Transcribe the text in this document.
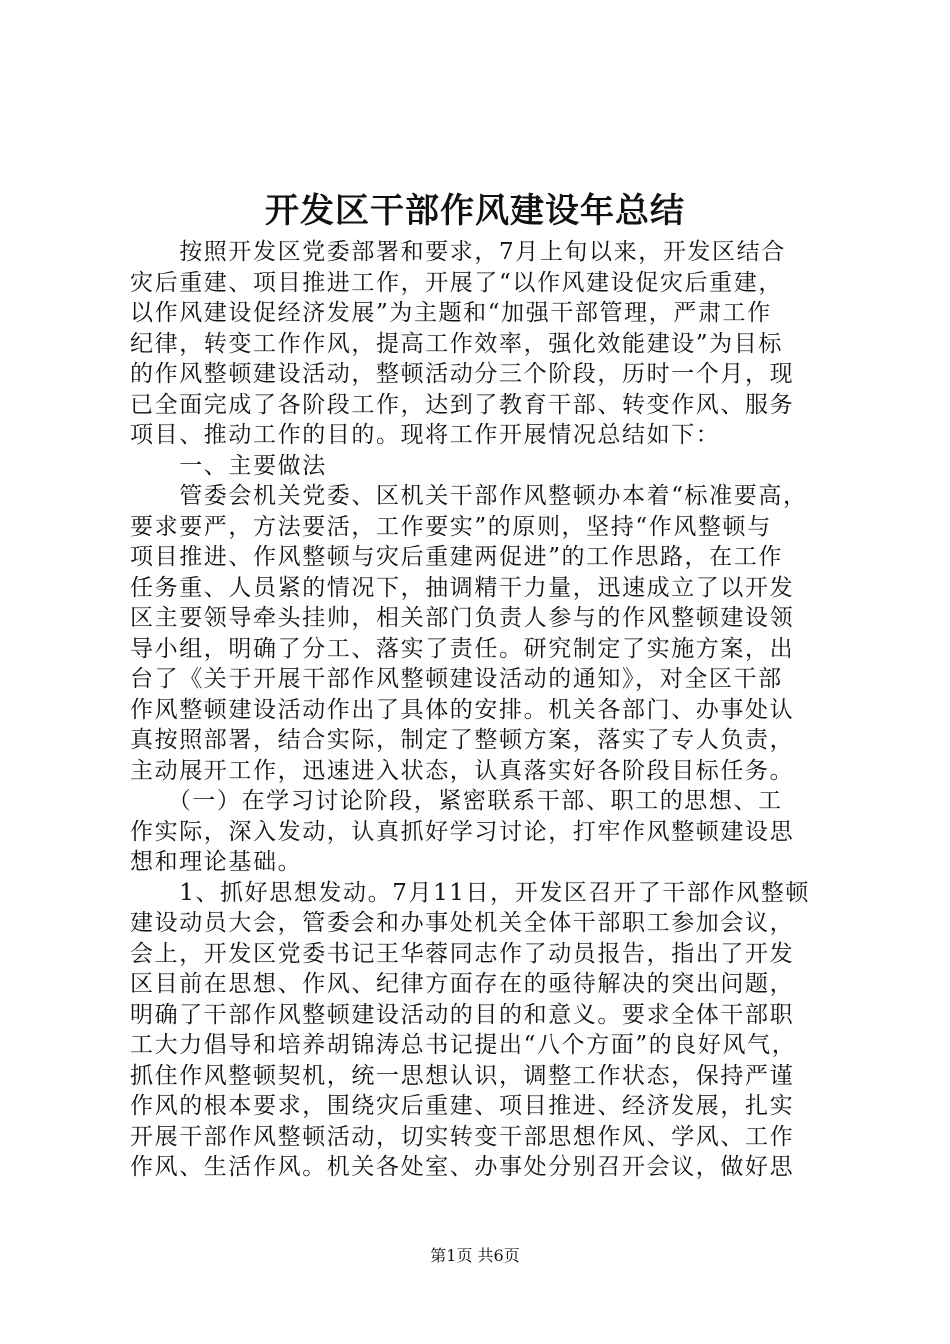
开发区干部作风建设年总结
　　按照开发区党委部署和要求，7月上旬以来，开发区结合
灾后重建、项目推进工作，开展了“以作风建设促灾后重建，
以作风建设促经济发展”为主题和“加强干部管理，严肃工作
纪律，转变工作作风，提高工作效率，强化效能建设”为目标
的作风整顿建设活动，整顿活动分三个阶段，历时一个月，现
已全面完成了各阶段工作，达到了教育干部、转变作风、服务
项目、推动工作的目的。现将工作开展情况总结如下：
　　一、主要做法
　　管委会机关党委、区机关干部作风整顿办本着“标准要高，
要求要严，方法要活，工作要实”的原则，坚持“作风整顿与
项目推进、作风整顿与灾后重建两促进”的工作思路，在工作
任务重、人员紧的情况下，抽调精干力量，迅速成立了以开发
区主要领导牵头挂帅，相关部门负责人参与的作风整顿建设领
导小组，明确了分工、落实了责任。研究制定了实施方案，出
台了《关于开展干部作风整顿建设活动的通知》，对全区干部
作风整顿建设活动作出了具体的安排。机关各部门、办事处认
真按照部署，结合实际，制定了整顿方案，落实了专人负责，
主动展开工作，迅速进入状态，认真落实好各阶段目标任务。
　　（一）在学习讨论阶段，紧密联系干部、职工的思想、工
作实际，深入发动，认真抓好学习讨论，打牢作风整顿建设思
想和理论基础。
　　1、抓好思想发动。7月11日，开发区召开了干部作风整顿
建设动员大会，管委会和办事处机关全体干部职工参加会议，
会上，开发区党委书记王华蓉同志作了动员报告，指出了开发
区目前在思想、作风、纪律方面存在的亟待解决的突出问题，
明确了干部作风整顿建设活动的目的和意义。要求全体干部职
工大力倡导和培养胡锦涛总书记提出“八个方面”的良好风气，
抓住作风整顿契机，统一思想认识，调整工作状态，保持严谨
作风的根本要求，围绕灾后重建、项目推进、经济发展，扎实
开展干部作风整顿活动，切实转变干部思想作风、学风、工作
作风、生活作风。机关各处室、办事处分别召开会议，做好思
第1页 共6页
